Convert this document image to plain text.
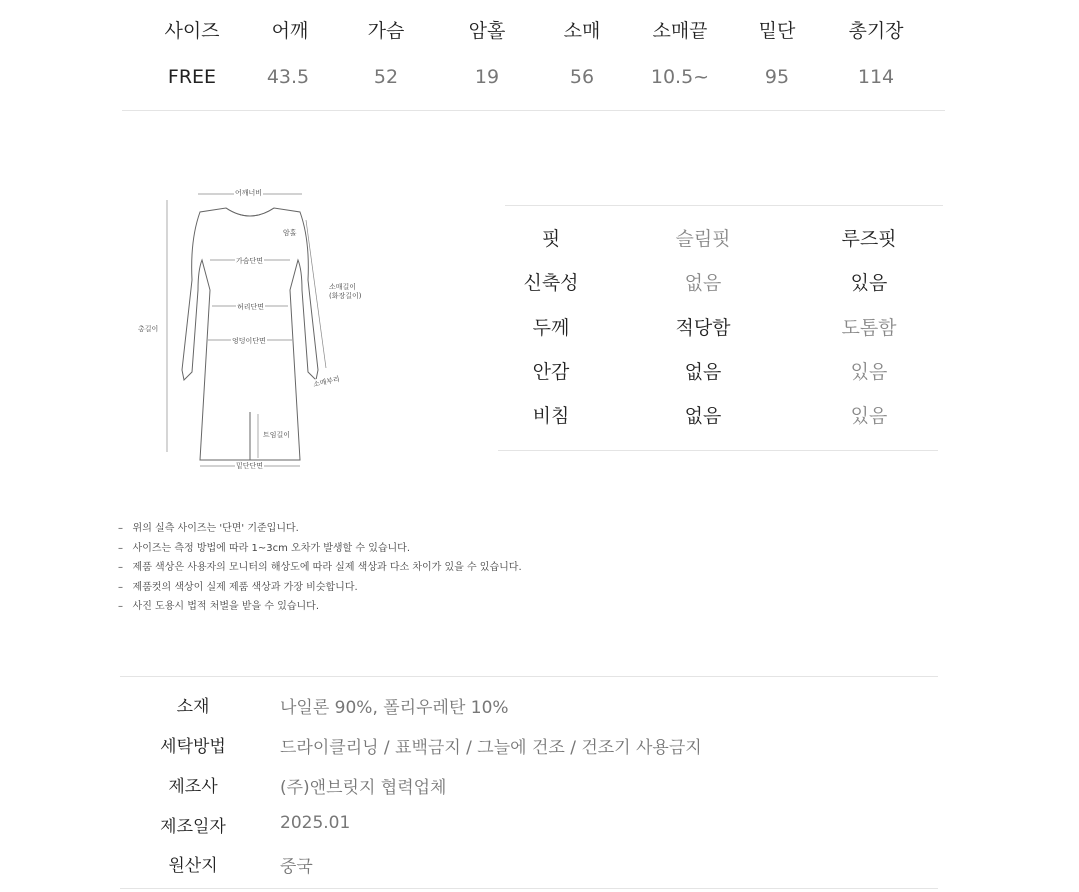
사이즈	어깨	가슴	암홀	소매	소매끝	밑단	총기장
FREE	43.5	52	19	56	10.5~	95	114
어깨너비
암홀
가슴단면
허리단면
엉덩이단면
소매길이
(화장길이)
소매부리
총길이
트임길이
밑단단면
핏	슬림핏	루즈핏
신축성	없음	있음
두께	적당함	도톰함
안감	없음	있음
비침	없음	있음
–   위의 실측 사이즈는 '단면' 기준입니다.
–   사이즈는 측정 방법에 따라 1~3cm 오차가 발생할 수 있습니다.
–   제품 색상은 사용자의 모니터의 해상도에 따라 실제 색상과 다소 차이가 있을 수 있습니다.
–   제품컷의 색상이 실제 제품 색상과 가장 비슷합니다.
–   사진 도용시 법적 처벌을 받을 수 있습니다.
소재	나일론 90%, 폴리우레탄 10%
세탁방법	드라이클리닝 / 표백금지 / 그늘에 건조 / 건조기 사용금지
제조사	(주)앤브릿지 협력업체
제조일자	2025.01
원산지	중국
